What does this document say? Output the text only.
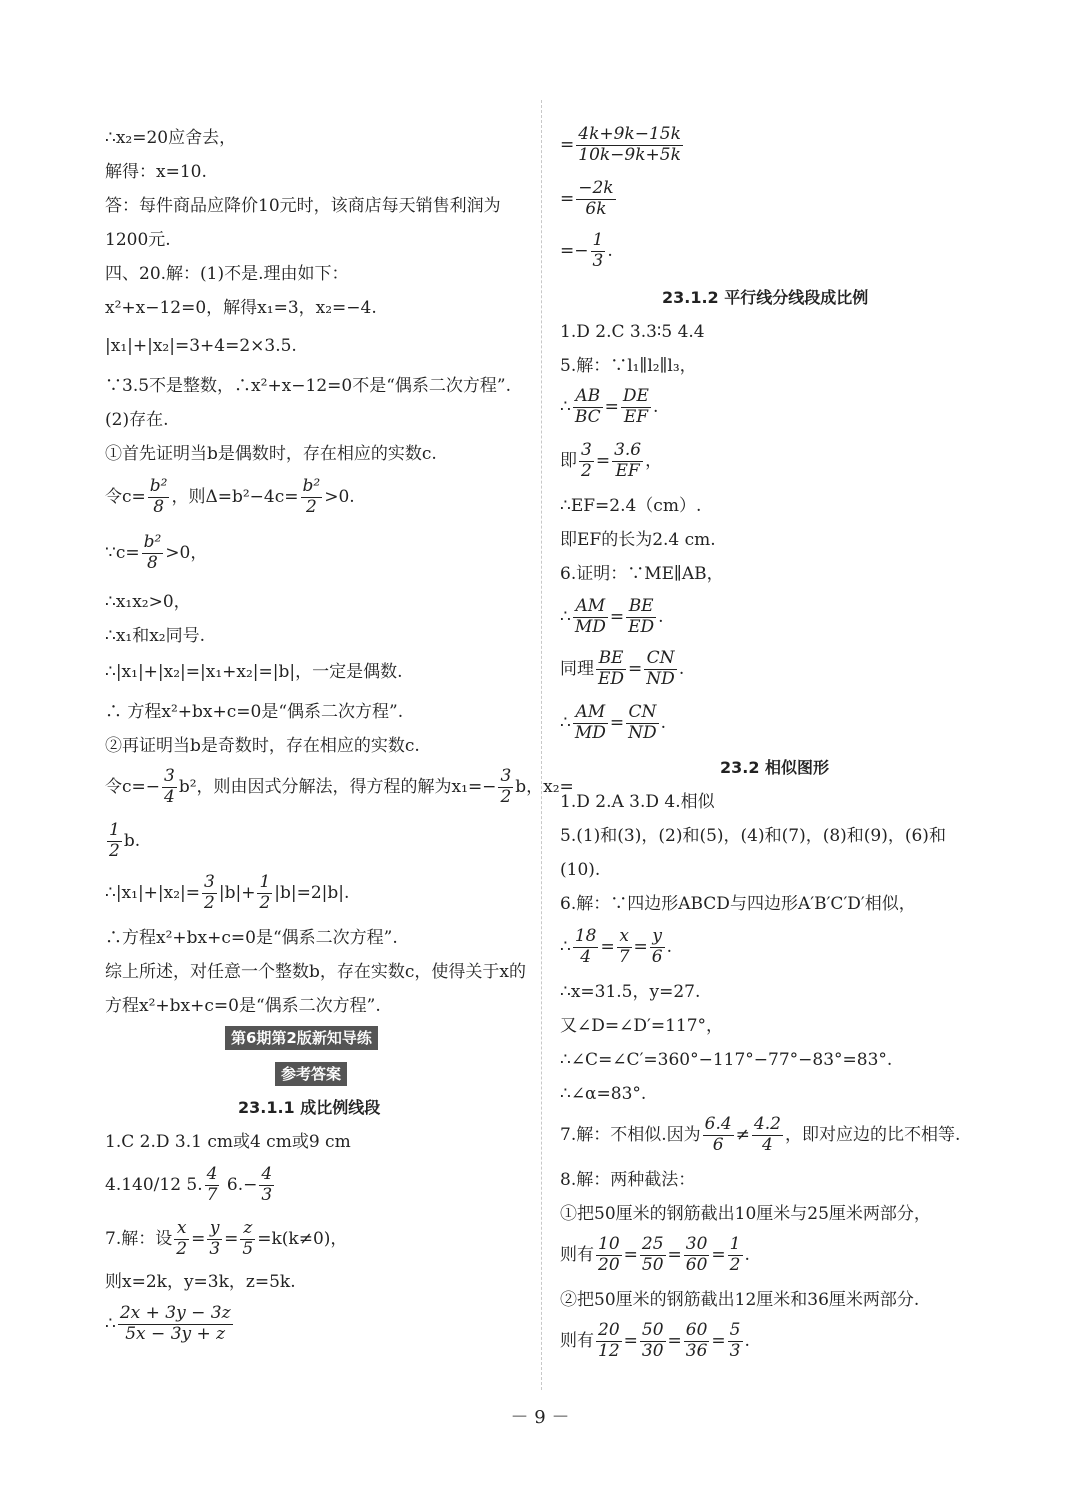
∴x₂=20应舍去，
解得：x=10.
答：每件商品应降价10元时，该商店每天销售利润为
1200元.
四、20.解：(1)不是.理由如下：
x²+x−12=0，解得x₁=3，x₂=−4.
|x₁|+|x₂|=3+4=2×3.5.
∵3.5不是整数，∴x²+x−12=0不是“偶系二次方程”.
(2)存在.
①首先证明当b是偶数时，存在相应的实数c.
令$c= \frac{\text{b²}}{8}$ ，则$\Delta=b^2-4c= \frac{\text{b²}}{2} >0$.
∵c= $\frac{\text{b²}}{8} >0$，
∴x₁x₂>0，
∴x₁和x₂同号.
∴|x₁|+|x₂|=|x₁+x₂|=|b|，一定是偶数.
∴ 方程x²+bx+c=0是“偶系二次方程”.
②再证明当b是奇数时，存在相应的实数c.
令$c=- \frac{3}{4} b^2$，则由因式分解法，得方程的解为$x_1=- \frac{3}{2}$ b，x₂=
$\frac{1}{2} b$.
∴|x₁|+|x₂|= $\frac{3}{2} |b|+ \frac{1}{2} |b|=2|b|$.
∴方程x²+bx+c=0是“偶系二次方程”.
综上所述，对任意一个整数b，存在实数c，使得关于x的
方程x²+bx+c=0是“偶系二次方程”.
第6期第2版新知导练
参考答案
23.1.1 成比例线段
1.C 2.D 3.1 cm或4 cm或9 cm
4.140/12 5. $\frac{4}{7} 6.- \frac{4}{3}$
7.解：设 $\frac{x}{2} = \frac{y}{3} = \frac{z}{5} =k(k\ne 0)$，
则x=2k，y=3k，z=5k.
∴ $\frac{2x + 3y - 3z}{5x - 3y + z}$
= $\frac{4k+9k-15k}{10k-9k+5k}$
= $\frac{-2k}{6k}$
=− $\frac{1}{3}$ .
23.1.2 平行线分线段成比例
1.D 2.C 3.3∶5 4.4
5.解：∵l₁∥l₂∥l₃，
∴ $\frac{AB}{BC} = \frac{DE}{EF}$ .
即 $\frac{3}{2} = \frac{3.6}{EF}$ ，
∴EF=2.4（cm）.
即EF的长为2.4 cm.
6.证明：∵ME∥AB，
∴ $\frac{AM}{MD} = \frac{BE}{ED}$ .
同理 $\frac{BE}{ED} = \frac{CN}{ND}$ .
∴ $\frac{AM}{MD} = \frac{CN}{ND}$ .
23.2 相似图形
1.D 2.A 3.D 4.相似
5.(1)和(3)，(2)和(5)，(4)和(7)，(8)和(9)，(6)和
(10).
6.解：∵四边形ABCD与四边形A′B′C′D′相似，
∴ $\frac{18}{4} = \frac{x}{7} = \frac{y}{6}$ .
∴x=31.5，y=27.
又∠D=∠D′=117°，
∴∠C=∠C′=360°−117°−77°−83°=83°.
∴∠α=83°.
7.解：不相似.因为 $\frac{6.4}{6} \ne \frac{4.2}{4}$ ，即对应边的比不相等.
8.解：两种截法：
①把50厘米的钢筋截出10厘米与25厘米两部分，
则有 $\frac{10}{20} = \frac{25}{50} = \frac{30}{60} = \frac{1}{2}$ .
②把50厘米的钢筋截出12厘米和36厘米两部分.
则有 $\frac{20}{12} = \frac{50}{30} = \frac{60}{36} = \frac{5}{3}$ .
－ 9 －
